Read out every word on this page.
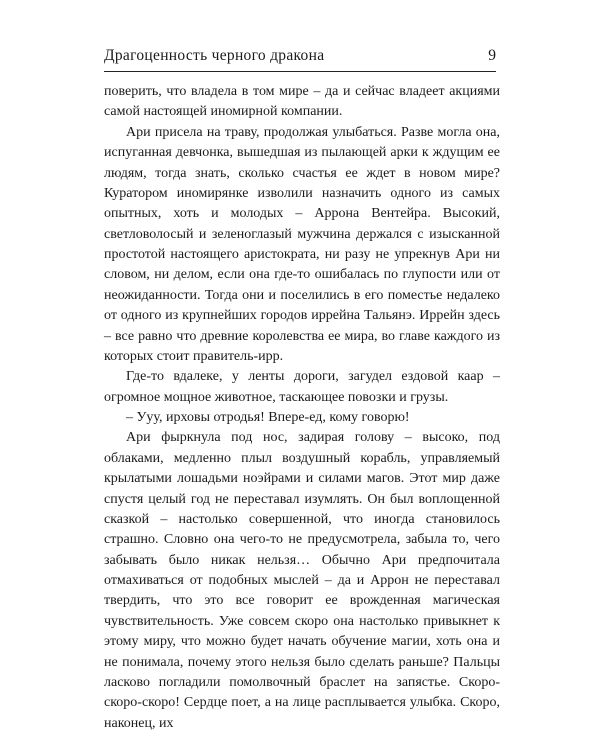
Драгоценность черного дракона	9

поверить, что владела в том мире – да и сейчас владеет акциями самой настоящей иномирной компании.

Ари присела на траву, продолжая улыбаться. Разве могла она, испуганная девчонка, вышедшая из пылающей арки к ждущим ее людям, тогда знать, сколько счастья ее ждет в новом мире? Куратором иномирянке изволили назначить одного из самых опытных, хоть и молодых – Аррона Вентейра. Высокий, светловолосый и зеленоглазый мужчина держался с изысканной простотой настоящего аристократа, ни разу не упрекнув Ари ни словом, ни делом, если она где-то ошибалась по глупости или от неожиданности. Тогда они и поселились в его поместье недалеко от одного из крупнейших городов иррейна Тальянэ. Иррейн здесь – все равно что древние королевства ее мира, во главе каждого из которых стоит правитель-ирр.

Где-то вдалеке, у ленты дороги, загудел ездовой каар – огромное мощное животное, таскающее повозки и грузы.

– Ууу, ирховы отродья! Впере-ед, кому говорю!

Ари фыркнула под нос, задирая голову – высоко, под облаками, медленно плыл воздушный корабль, управляемый крылатыми лошадьми ноэйрами и силами магов. Этот мир даже спустя целый год не переставал изумлять. Он был воплощенной сказкой – настолько совершенной, что иногда становилось страшно. Словно она чего-то не предусмотрела, забыла то, чего забывать было никак нельзя… Обычно Ари предпочитала отмахиваться от подобных мыслей – да и Аррон не переставал твердить, что это все говорит ее врожденная магическая чувствительность. Уже совсем скоро она настолько привыкнет к этому миру, что можно будет начать обучение магии, хоть она и не понимала, почему этого нельзя было сделать раньше? Пальцы ласково погладили помолвочный браслет на запястье. Скоро-скоро-скоро! Сердце поет, а на лице расплывается улыбка. Скоро, наконец, их
